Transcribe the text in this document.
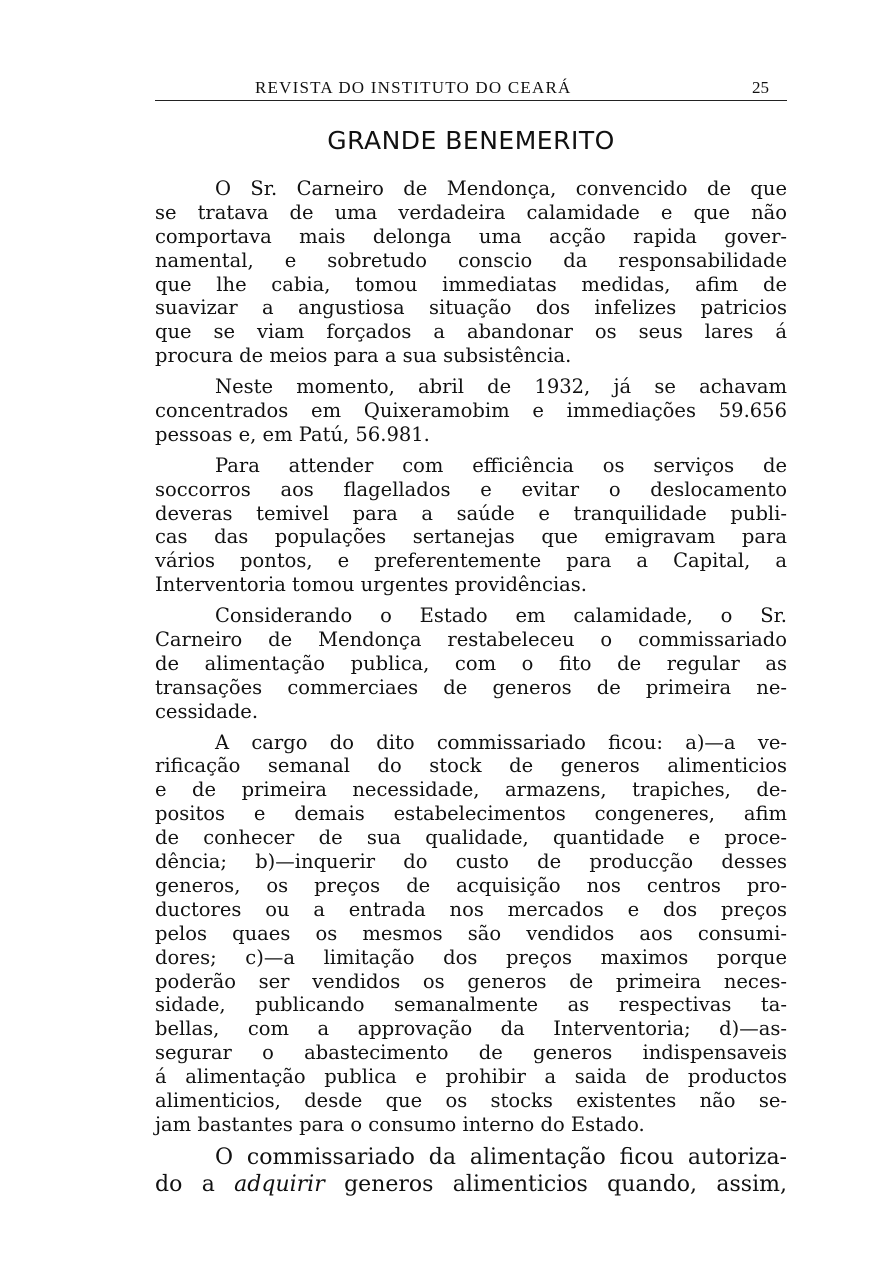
REVISTA DO INSTITUTO DO CEARÁ	25
GRANDE BENEMERITO
O Sr. Carneiro de Mendonça, convencido de que
se tratava de uma verdadeira calamidade e que não
comportava mais delonga uma acção rapida gover-
namental, e sobretudo conscio da responsabilidade
que lhe cabia, tomou immediatas medidas, afim de
suavizar a angustiosa situação dos infelizes patricios
que se viam forçados a abandonar os seus lares á
procura de meios para a sua subsistência.
Neste momento, abril de 1932, já se achavam
concentrados em Quixeramobim e immediações 59.656
pessoas e, em Patú, 56.981.
Para attender com efficiência os serviços de
soccorros aos flagellados e evitar o deslocamento
deveras temivel para a saúde e tranquilidade publi-
cas das populações sertanejas que emigravam para
vários pontos, e preferentemente para a Capital, a
Interventoria tomou urgentes providências.
Considerando o Estado em calamidade, o Sr.
Carneiro de Mendonça restabeleceu o commissariado
de alimentação publica, com o fito de regular as
transações commerciaes de generos de primeira ne-
cessidade.
A cargo do dito commissariado ficou: a)—a ve-
rificação semanal do stock de generos alimenticios
e de primeira necessidade, armazens, trapiches, de-
positos e demais estabelecimentos congeneres, afim
de conhecer de sua qualidade, quantidade e proce-
dência; b)—inquerir do custo de producção desses
generos, os preços de acquisição nos centros pro-
ductores ou a entrada nos mercados e dos preços
pelos quaes os mesmos são vendidos aos consumi-
dores; c)—a limitação dos preços maximos porque
poderão ser vendidos os generos de primeira neces-
sidade, publicando semanalmente as respectivas ta-
bellas, com a approvação da Interventoria; d)—as-
segurar o abastecimento de generos indispensaveis
á alimentação publica e prohibir a saida de productos
alimenticios, desde que os stocks existentes não se-
jam bastantes para o consumo interno do Estado.
O commissariado da alimentação ficou autoriza-
do a adquirir generos alimenticios quando, assim,
